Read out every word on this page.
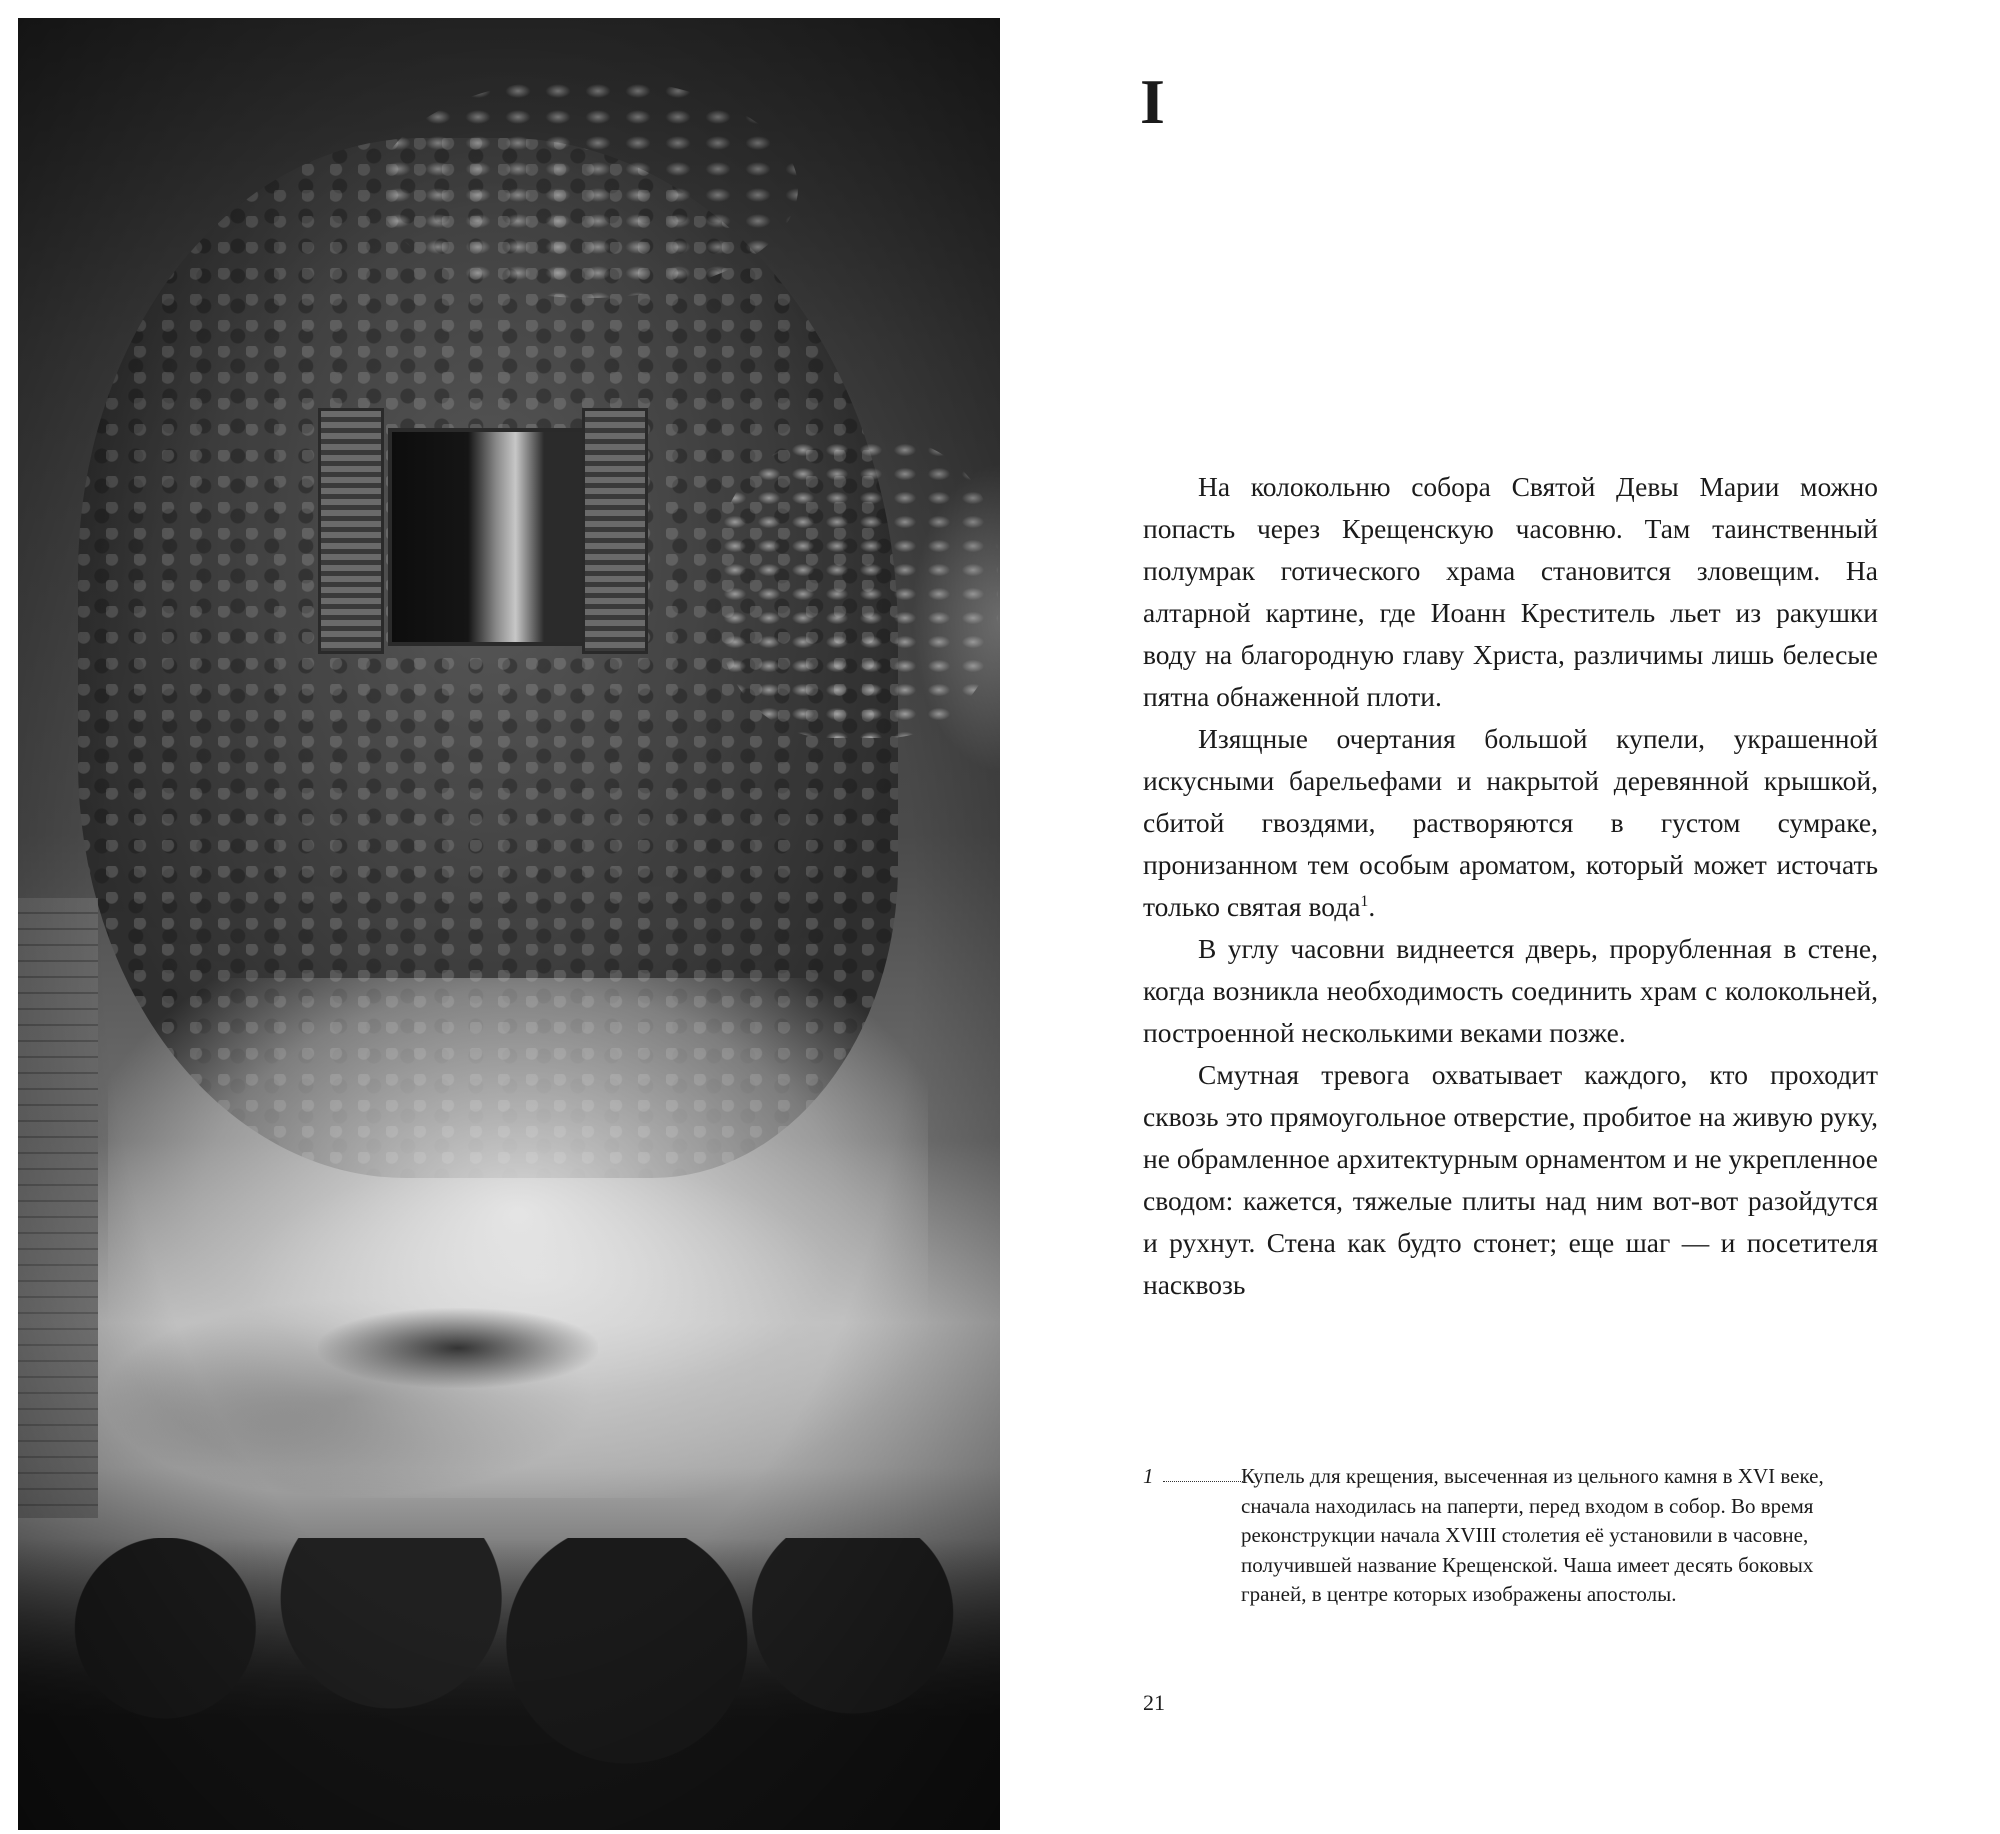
I

На колокольню собора Святой Девы Марии можно попасть через Крещенскую часовню. Там таинственный полумрак готического храма становится зловещим. На алтарной картине, где Иоанн Креститель льет из ракушки воду на благородную главу Христа, различимы лишь белесые пятна обнаженной плоти.

Изящные очертания большой купели, украшенной искусными барельефами и накрытой деревянной крышкой, сбитой гвоздями, растворяются в густом сумраке, пронизанном тем особым ароматом, который может источать только святая вода$^1$.

В углу часовни виднеется дверь, прорубленная в стене, когда возникла необходимость соединить храм с колокольней, построенной несколькими веками позже.

Смутная тревога охватывает каждого, кто проходит сквозь это прямоугольное отверстие, пробитое на живую руку, не обрамленное архитектурным орнаментом и не укрепленное сводом: кажется, тяжелые плиты над ним вот-вот разойдутся и рухнут. Стена как будто стонет; еще шаг — и посетителя насквозь

1	Купель для крещения, высеченная из цельного камня в XVI веке, сначала находилась на паперти, перед входом в собор. Во время реконструкции начала XVIII столетия её установили в часовне, получившей название Крещенской. Чаша имеет десять боковых граней, в центре которых изображены апостолы.
21
